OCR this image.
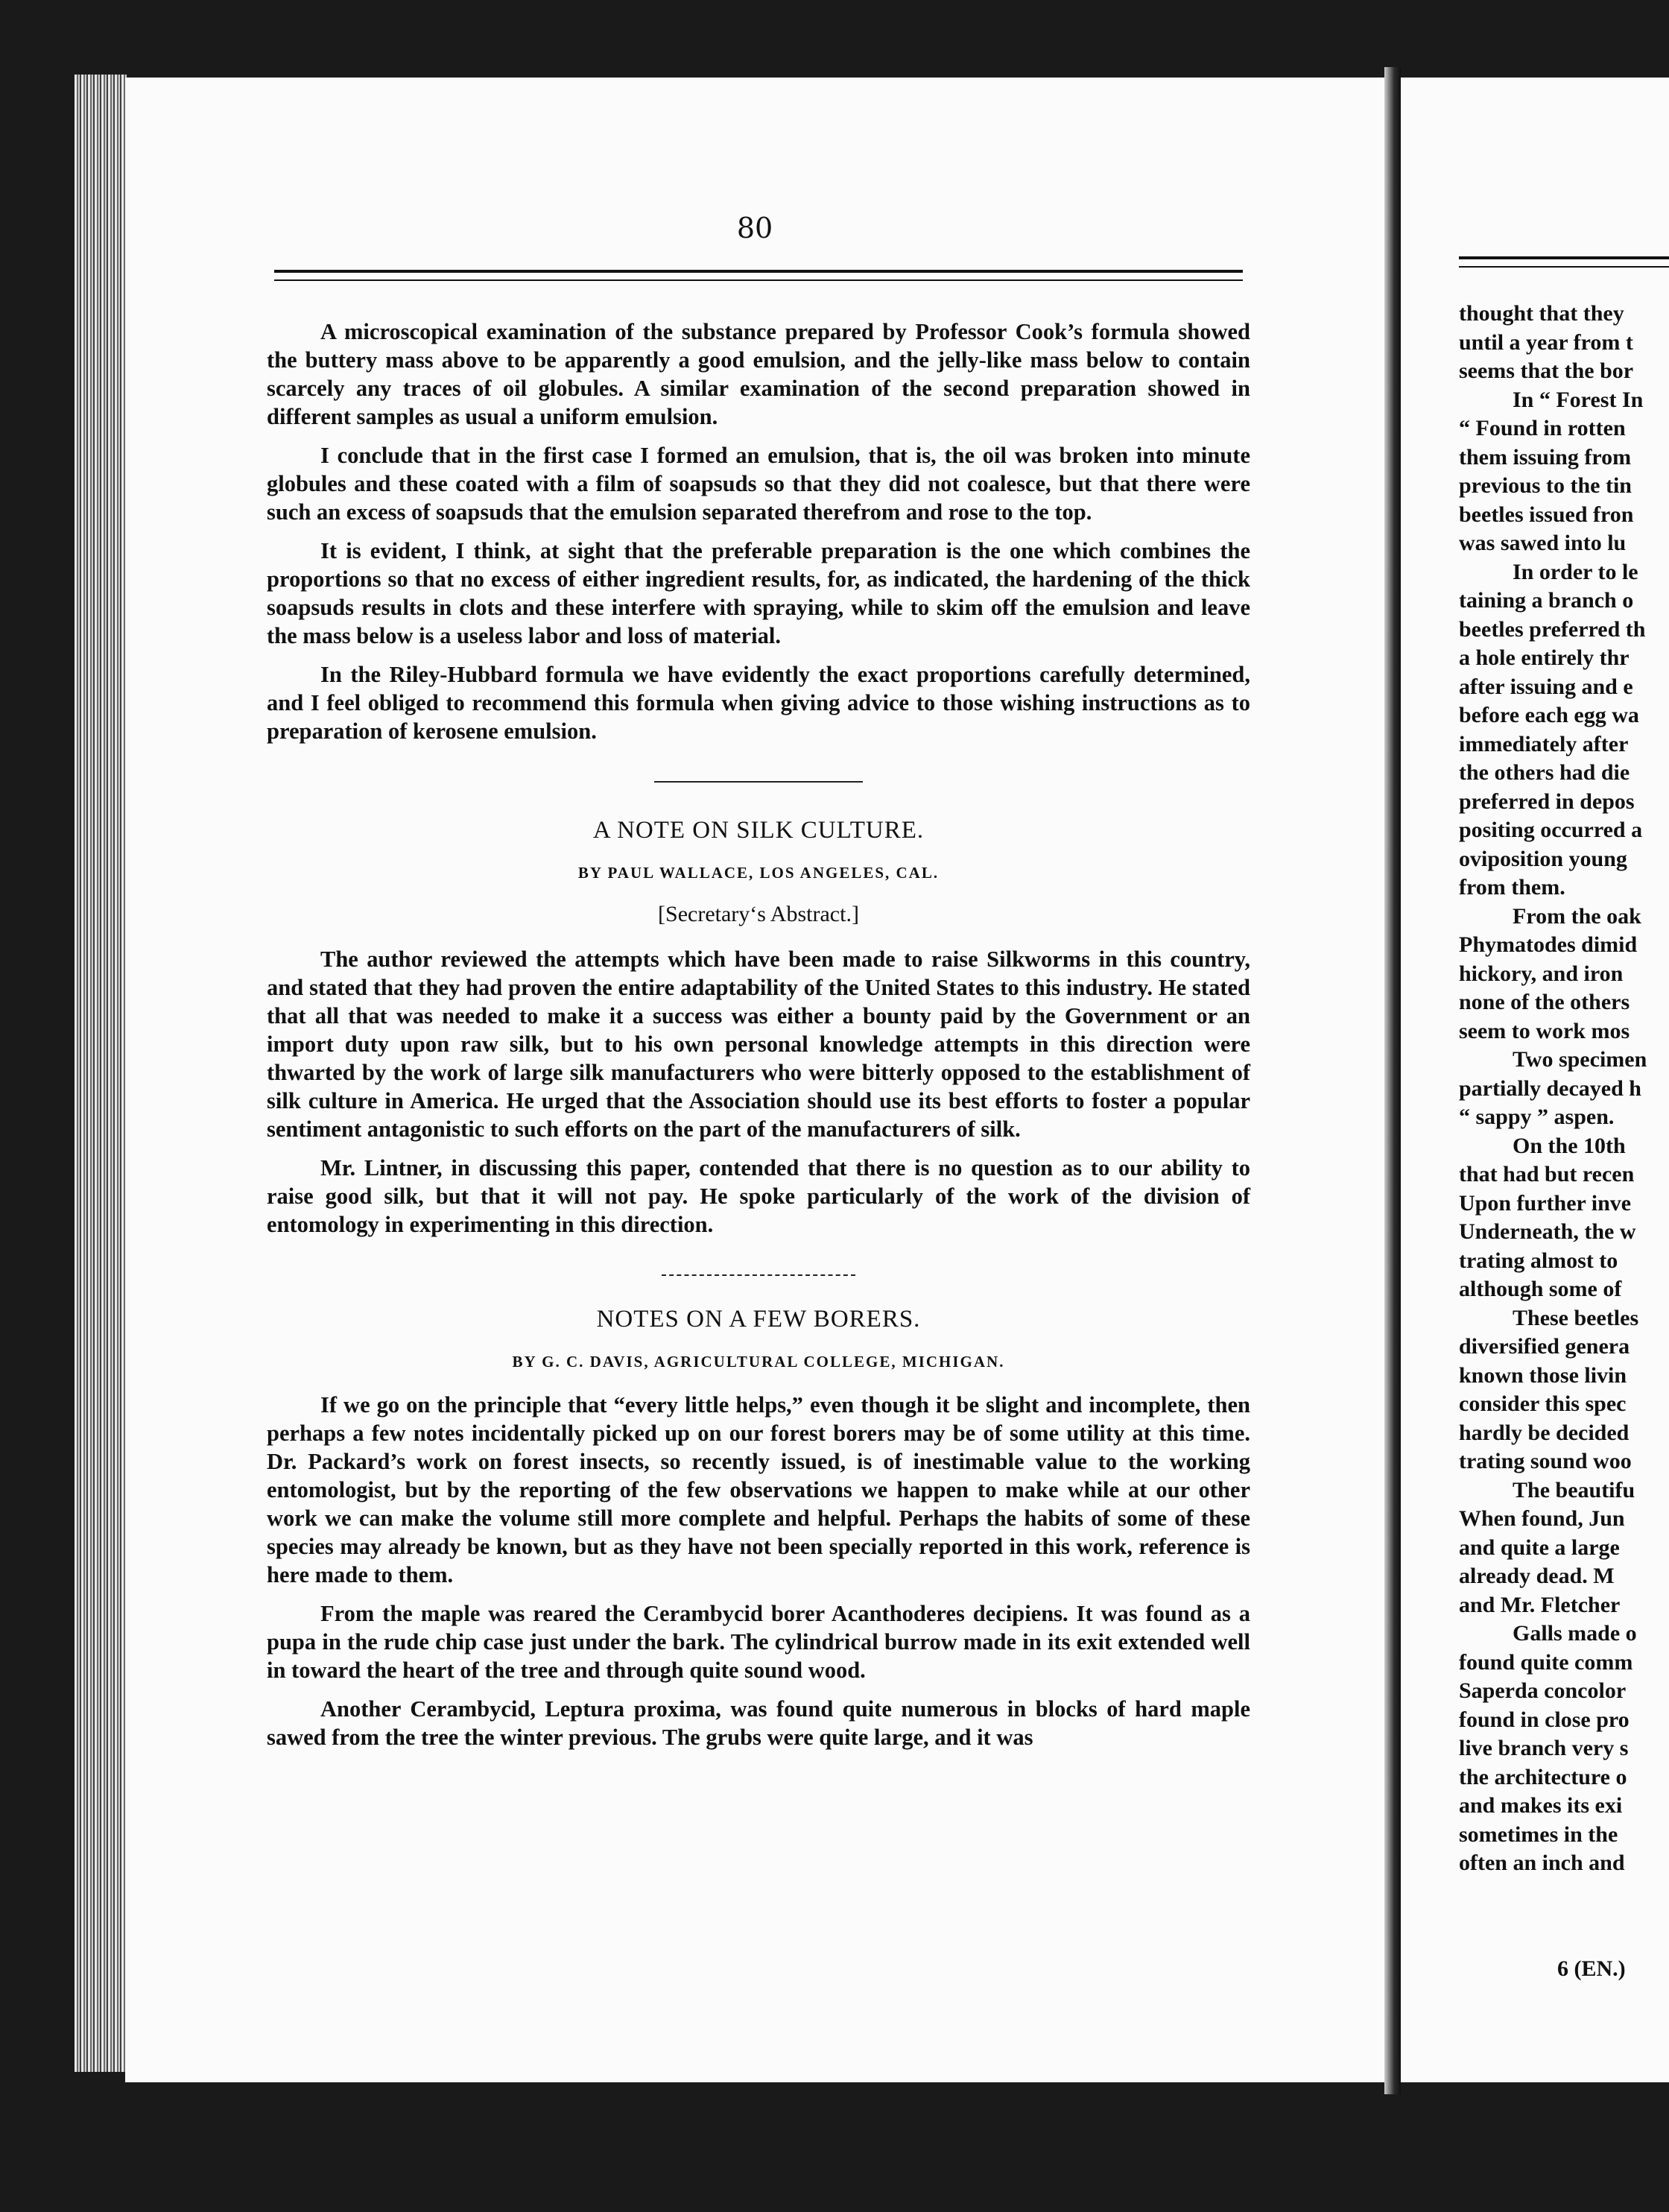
80

A microscopical examination of the substance prepared by Professor Cook’s formula showed the buttery mass above to be apparently a good emulsion, and the jelly-like mass below to contain scarcely any traces of oil globules. A similar examination of the second preparation showed in different samples as usual a uniform emulsion.

I conclude that in the first case I formed an emulsion, that is, the oil was broken into minute globules and these coated with a film of soapsuds so that they did not coalesce, but that there were such an excess of soapsuds that the emulsion separated therefrom and rose to the top.

It is evident, I think, at sight that the preferable preparation is the one which combines the proportions so that no excess of either ingredient results, for, as indicated, the hardening of the thick soapsuds results in clots and these interfere with spraying, while to skim off the emulsion and leave the mass below is a useless labor and loss of material.

In the Riley-Hubbard formula we have evidently the exact proportions carefully determined, and I feel obliged to recommend this formula when giving advice to those wishing instructions as to preparation of kerosene emulsion.

A NOTE ON SILK CULTURE.
BY PAUL WALLACE, LOS ANGELES, CAL.
[Secretary‘s Abstract.]

The author reviewed the attempts which have been made to raise Silkworms in this country, and stated that they had proven the entire adaptability of the United States to this industry. He stated that all that was needed to make it a success was either a bounty paid by the Government or an import duty upon raw silk, but to his own personal knowledge attempts in this direction were thwarted by the work of large silk manufacturers who were bitterly opposed to the establishment of silk culture in America. He urged that the Association should use its best efforts to foster a popular sentiment antagonistic to such efforts on the part of the manufacturers of silk.

Mr. Lintner, in discussing this paper, contended that there is no question as to our ability to raise good silk, but that it will not pay. He spoke particularly of the work of the division of entomology in experimenting in this direction.

NOTES ON A FEW BORERS.
BY G. C. DAVIS, AGRICULTURAL COLLEGE, MICHIGAN.

If we go on the principle that “every little helps,” even though it be slight and incomplete, then perhaps a few notes incidentally picked up on our forest borers may be of some utility at this time. Dr. Packard’s work on forest insects, so recently issued, is of inestimable value to the working entomologist, but by the reporting of the few observations we happen to make while at our other work we can make the volume still more complete and helpful. Perhaps the habits of some of these species may already be known, but as they have not been specially reported in this work, reference is here made to them.

From the maple was reared the Cerambycid borer Acanthoderes decipiens. It was found as a pupa in the rude chip case just under the bark. The cylindrical burrow made in its exit extended well in toward the heart of the tree and through quite sound wood.

Another Cerambycid, Leptura proxima, was found quite numerous in blocks of hard maple sawed from the tree the winter previous. The grubs were quite large, and it was

thought that they

until a year from t

seems that the bor

In “ Forest In

“ Found in rotten

them issuing from

previous to the tin

beetles issued fron

was sawed into lu

In order to le

taining a branch o

beetles preferred th

a hole entirely thr

after issuing and e

before each egg wa

immediately after

the others had die

preferred in depos

positing occurred a

oviposition young

from them.

From the oak

Phymatodes dimid

hickory, and iron

none of the others

seem to work mos

Two specimen

partially decayed h

“ sappy ” aspen.

On the 10th

that had but recen

Upon further inve

Underneath, the w

trating almost to

although some of

These beetles

diversified genera

known those livin

consider this spec

hardly be decided

trating sound woo

The beautifu

When found, Jun

and quite a large

already dead. M

and Mr. Fletcher

Galls made o

found quite comm

Saperda concolor

found in close pro

live branch very s

the architecture o

and makes its exi

sometimes in the

often an inch and

6 (EN.)
